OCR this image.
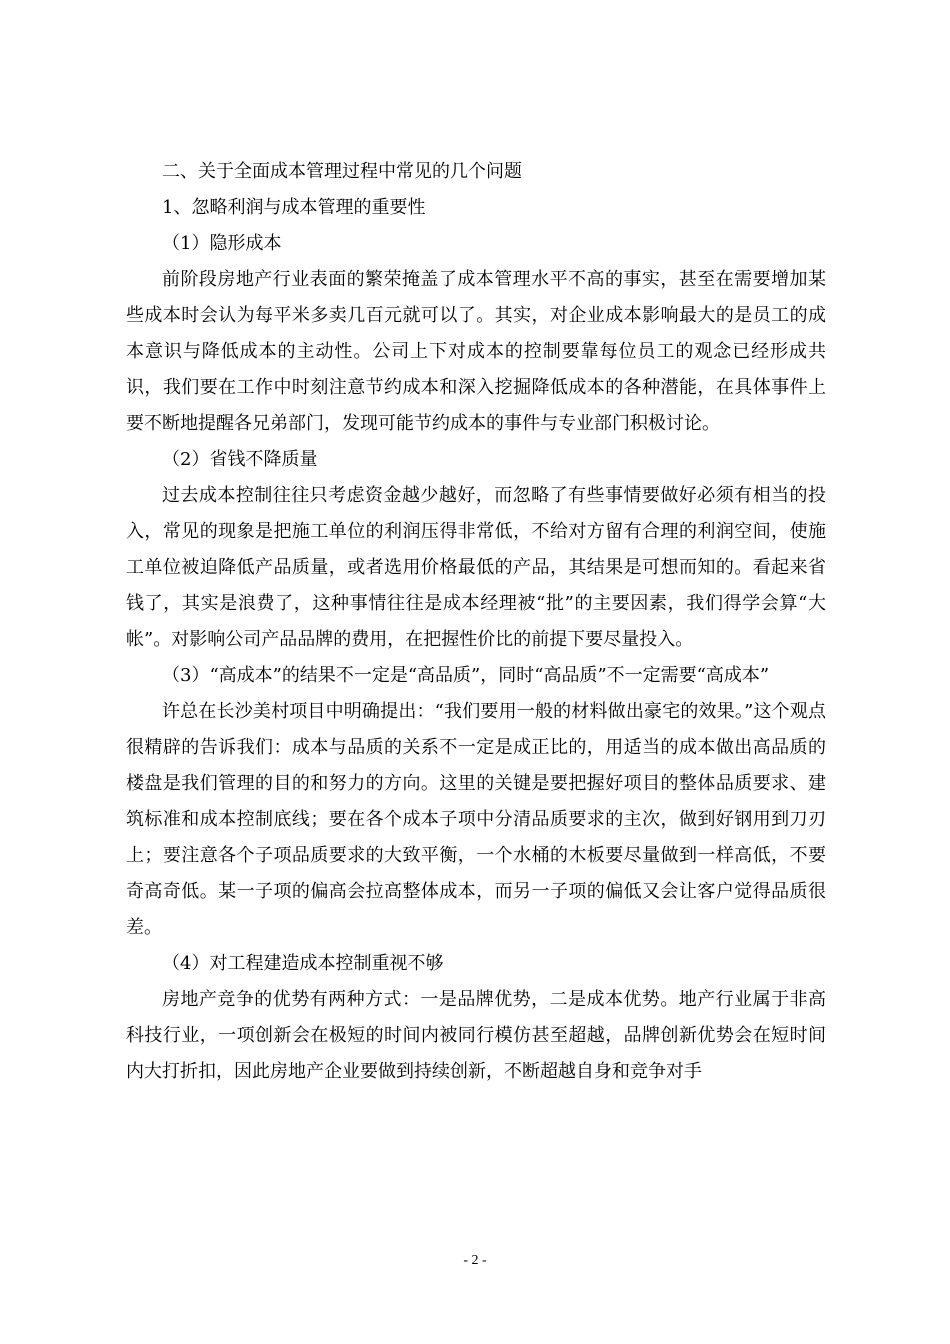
二、关于全面成本管理过程中常见的几个问题

1、忽略利润与成本管理的重要性

（1）隐形成本

前阶段房地产行业表面的繁荣掩盖了成本管理水平不高的事实，甚至在需要增加某些成本时会认为每平米多卖几百元就可以了。其实，对企业成本影响最大的是员工的成本意识与降低成本的主动性。公司上下对成本的控制要靠每位员工的观念已经形成共识，我们要在工作中时刻注意节约成本和深入挖掘降低成本的各种潜能，在具体事件上要不断地提醒各兄弟部门，发现可能节约成本的事件与专业部门积极讨论。

（2）省钱不降质量

过去成本控制往往只考虑资金越少越好，而忽略了有些事情要做好必须有相当的投入，常见的现象是把施工单位的利润压得非常低，不给对方留有合理的利润空间，使施工单位被迫降低产品质量，或者选用价格最低的产品，其结果是可想而知的。看起来省钱了，其实是浪费了，这种事情往往是成本经理被“批”的主要因素，我们得学会算“大帐”。对影响公司产品品牌的费用，在把握性价比的前提下要尽量投入。

（3）“高成本”的结果不一定是“高品质”，同时“高品质”不一定需要“高成本”

许总在长沙美村项目中明确提出：“我们要用一般的材料做出豪宅的效果。”这个观点很精辟的告诉我们：成本与品质的关系不一定是成正比的，用适当的成本做出高品质的楼盘是我们管理的目的和努力的方向。这里的关键是要把握好项目的整体品质要求、建筑标准和成本控制底线；要在各个成本子项中分清品质要求的主次，做到好钢用到刀刃上；要注意各个子项品质要求的大致平衡，一个水桶的木板要尽量做到一样高低，不要奇高奇低。某一子项的偏高会拉高整体成本，而另一子项的偏低又会让客户觉得品质很差。

（4）对工程建造成本控制重视不够

房地产竞争的优势有两种方式：一是品牌优势，二是成本优势。地产行业属于非高科技行业，一项创新会在极短的时间内被同行模仿甚至超越，品牌创新优势会在短时间内大打折扣，因此房地产企业要做到持续创新，不断超越自身和竞争对手

- 2 -
